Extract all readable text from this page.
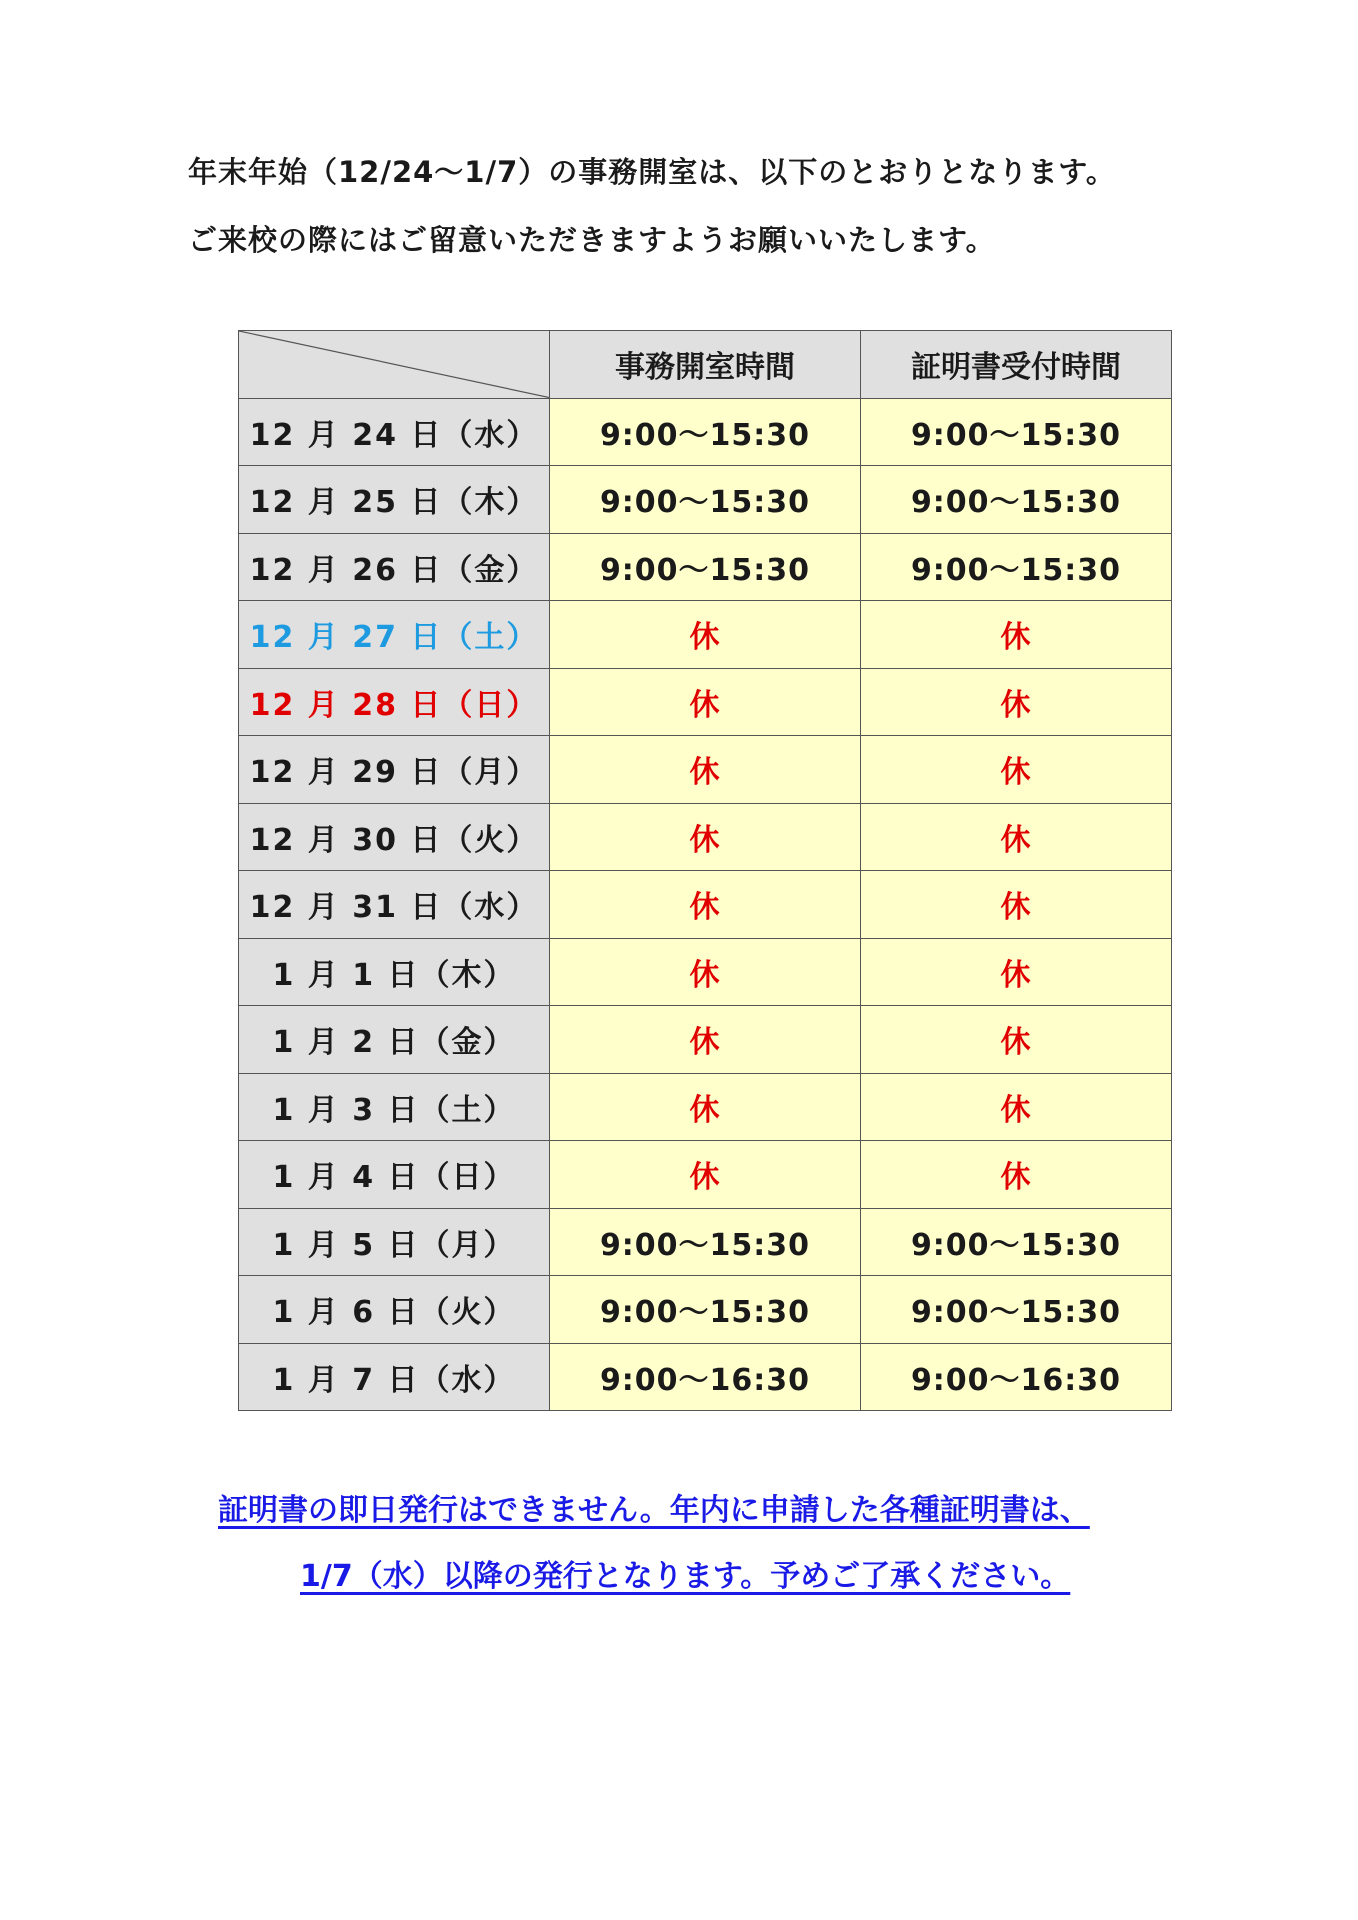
年末年始（12/24～1/7）の事務開室は、以下のとおりとなります。

ご来校の際にはご留意いただきますようお願いいたします。

	事務開室時間	証明書受付時間
12 月 24 日（水）	9:00～15:30	9:00～15:30
12 月 25 日（木）	9:00～15:30	9:00～15:30
12 月 26 日（金）	9:00～15:30	9:00～15:30
12 月 27 日（土）	休	休
12 月 28 日（日）	休	休
12 月 29 日（月）	休	休
12 月 30 日（火）	休	休
12 月 31 日（水）	休	休
1 月 1 日（木）	休	休
1 月 2 日（金）	休	休
1 月 3 日（土）	休	休
1 月 4 日（日）	休	休
1 月 5 日（月）	9:00～15:30	9:00～15:30
1 月 6 日（火）	9:00～15:30	9:00～15:30
1 月 7 日（水）	9:00～16:30	9:00～16:30

証明書の即日発行はできません。年内に申請した各種証明書は、

1/7（水）以降の発行となります。予めご了承ください。
